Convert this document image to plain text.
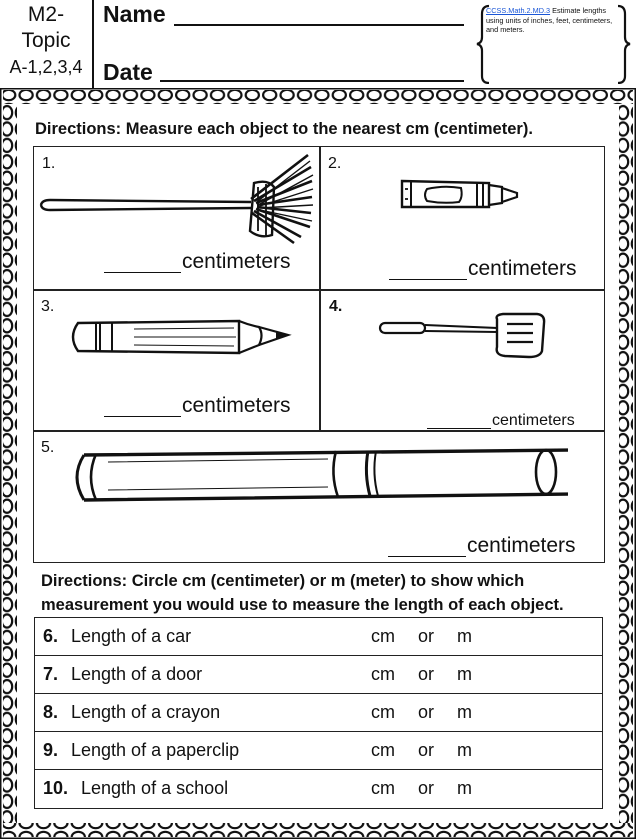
M2-
Topic
A-1,2,3,4
Name
Date
CCSS.Math.2.MD.3 Estimate lengths using units of inches, feet, centimeters, and meters.
Directions: Measure each object to the nearest cm (centimeter).
1.
centimeters
2.
centimeters
3.
centimeters
4.
centimeters
5.
centimeters
Directions: Circle cm (centimeter) or m (meter) to show which
measurement you would use to measure the length of each object.
6. Length of a car	cm or m
7. Length of a door	cm or m
8. Length of a crayon	cm or m
9. Length of a paperclip	cm or m
10. Length of a school	cm or m
